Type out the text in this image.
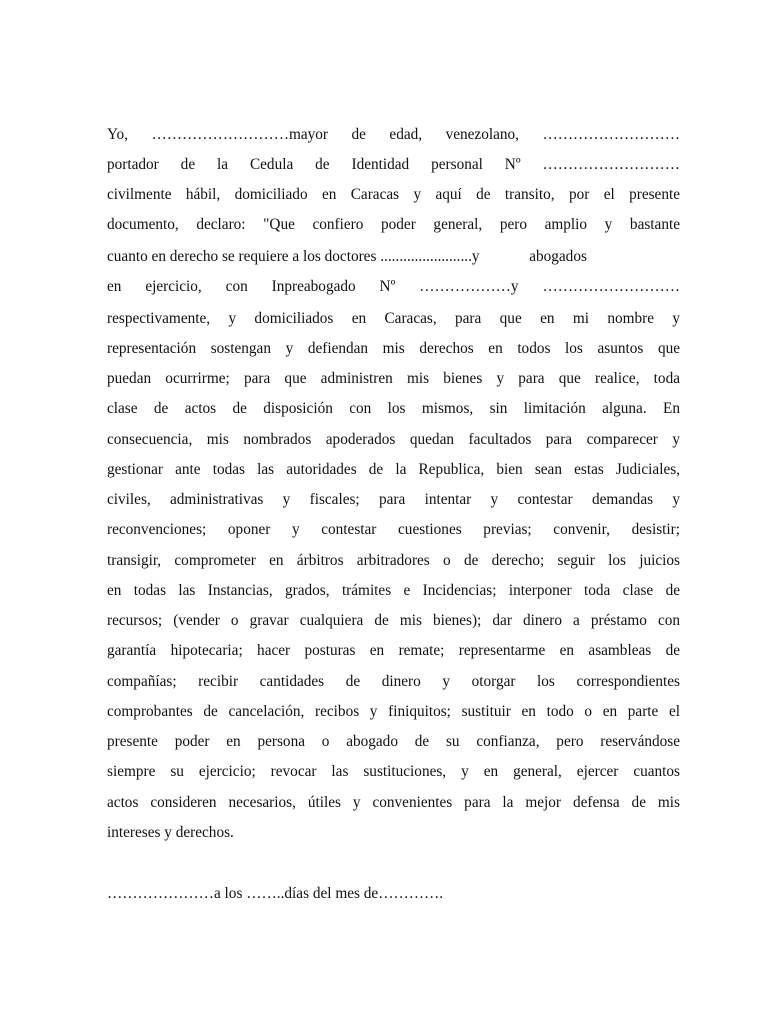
Yo, ………………………mayor de edad, venezolano, ………………………
portador de la Cedula de Identidad personal Nº ………………………
civilmente hábil, domiciliado en Caracas y aquí de transito, por el presente
documento, declaro: "Que confiero poder general, pero amplio y bastante
cuanto en derecho se requiere a los doctores ........................y	abogados
en ejercicio, con Inpreabogado Nº ………………y ………………………
respectivamente, y domiciliados en Caracas, para que en mi nombre y
representación sostengan y defiendan mis derechos en todos los asuntos que
puedan ocurrirme; para que administren mis bienes y para que realice, toda
clase de actos de disposición con los mismos, sin limitación alguna. En
consecuencia, mis nombrados apoderados quedan facultados para comparecer y
gestionar ante todas las autoridades de la Republica, bien sean estas Judiciales,
civiles, administrativas y fiscales; para intentar y contestar demandas y
reconvenciones; oponer y contestar cuestiones previas; convenir, desistir;
transigir, comprometer en árbitros arbitradores o de derecho; seguir los juicios
en todas las Instancias, grados, trámites e Incidencias; interponer toda clase de
recursos; (vender o gravar cualquiera de mis bienes); dar dinero a préstamo con
garantía hipotecaria; hacer posturas en remate; representarme en asambleas de
compañías; recibir cantidades de dinero y otorgar los correspondientes
comprobantes de cancelación, recibos y finiquitos; sustituir en todo o en parte el
presente poder en persona o abogado de su confianza, pero reservándose
siempre su ejercicio; revocar las sustituciones, y en general, ejercer cuantos
actos consideren necesarios, útiles y convenientes para la mejor defensa de mis
intereses y derechos.
…………………a los ……..días del mes de………….
